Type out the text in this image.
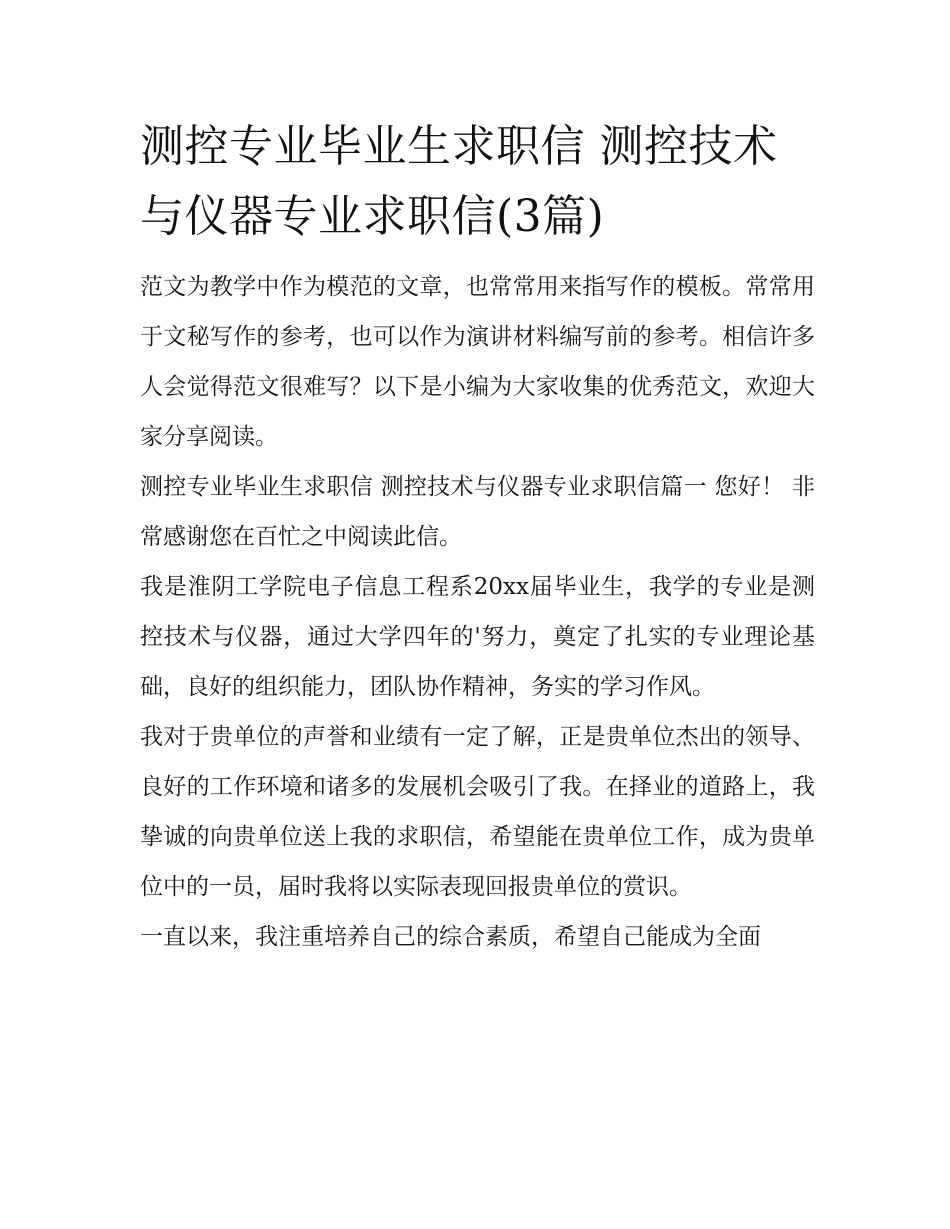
测控专业毕业生求职信 测控技术与仪器专业求职信(3篇)

范文为教学中作为模范的文章，也常常用来指写作的模板。常常用于文秘写作的参考，也可以作为演讲材料编写前的参考。相信许多人会觉得范文很难写？以下是小编为大家收集的优秀范文，欢迎大家分享阅读。

测控专业毕业生求职信 测控技术与仪器专业求职信篇一 您好！ 非常感谢您在百忙之中阅读此信。

我是淮阴工学院电子信息工程系20xx届毕业生，我学的专业是测控技术与仪器，通过大学四年的'努力，奠定了扎实的专业理论基础，良好的组织能力，团队协作精神，务实的学习作风。

我对于贵单位的声誉和业绩有一定了解，正是贵单位杰出的领导、良好的工作环境和诸多的发展机会吸引了我。在择业的道路上，我挚诚的向贵单位送上我的求职信，希望能在贵单位工作，成为贵单位中的一员，届时我将以实际表现回报贵单位的赏识。

一直以来，我注重培养自己的综合素质，希望自己能成为全面
